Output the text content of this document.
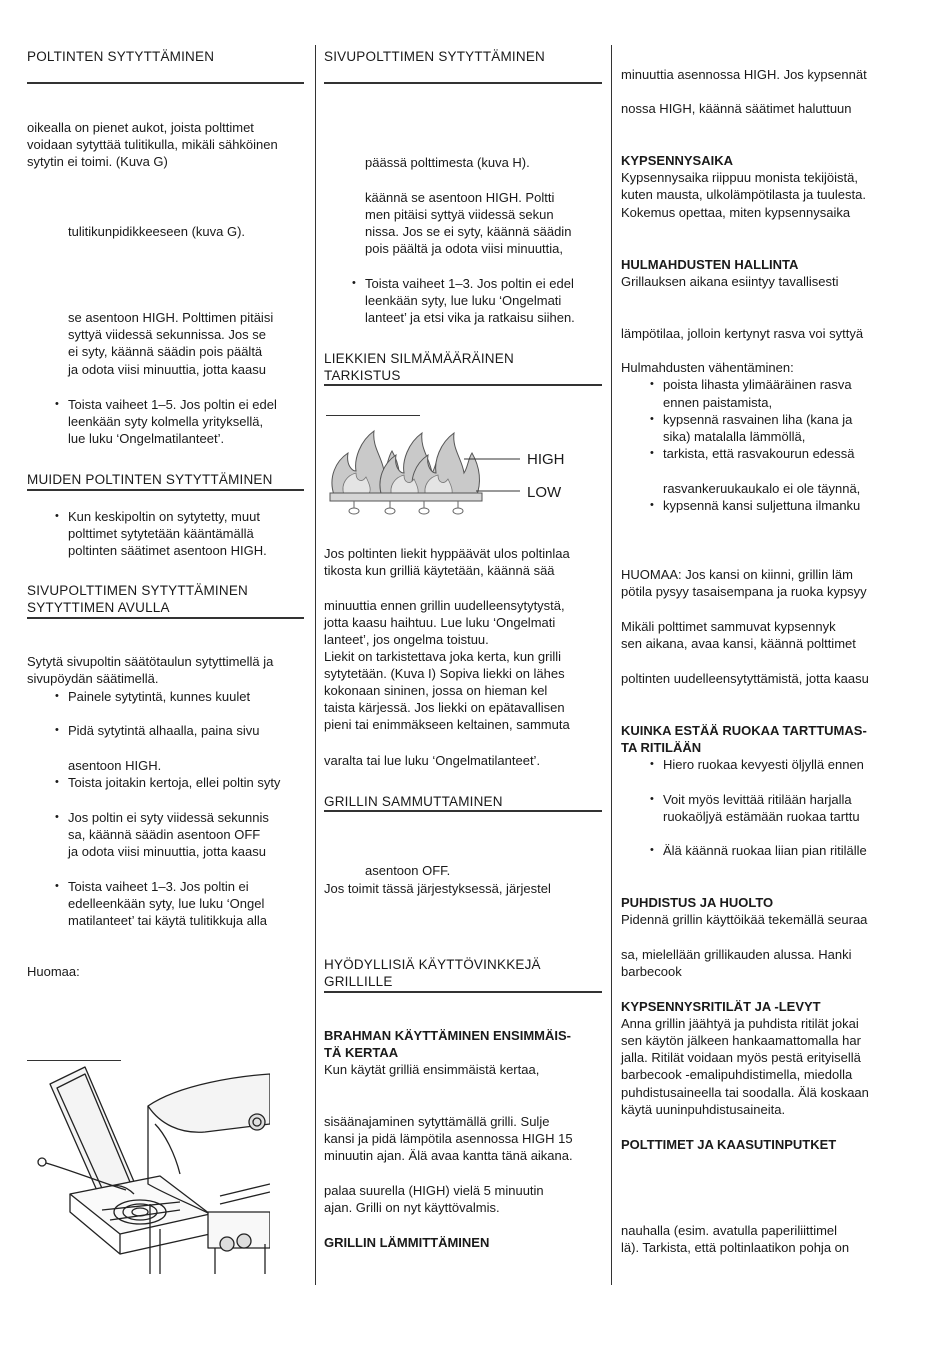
POLTINTEN SYTYTTÄMINEN

oikealla on pienet aukot, joista polttimet

voidaan sytyttää tulitikulla, mikäli sähköinen

sytytin ei toimi. (Kuva G)

tulitikunpidikkeeseen (kuva G).

se asentoon HIGH. Polttimen pitäisi

syttyä viidessä sekunnissa. Jos se

ei syty, käännä säädin pois päältä

ja odota viisi minuuttia, jotta kaasu

• Toista vaiheet 1–5. Jos poltin ei edel

leenkään syty kolmella yrityksellä,

lue luku ‘Ongelmatilanteet’.

MUIDEN POLTINTEN SYTYTTÄMINEN

• Kun keskipoltin on sytytetty, muut

polttimet sytytetään kääntämällä

poltinten säätimet asentoon HIGH.

SIVUPOLTTIMEN SYTYTTÄMINEN

SYTYTTIMEN AVULLA

Sytytä sivupoltin säätötaulun sytyttimellä ja

sivupöydän säätimellä.

• Painele sytytintä, kunnes kuulet

• Pidä sytytintä alhaalla, paina sivu

asentoon HIGH.

• Toista joitakin kertoja, ellei poltin syty

• Jos poltin ei syty viidessä sekunnis

sa, käännä säädin asentoon OFF

ja odota viisi minuuttia, jotta kaasu

• Toista vaiheet 1–3. Jos poltin ei

edelleenkään syty, lue luku ‘Ongel

matilanteet’ tai käytä tulitikkuja alla

Huomaa:

SIVUPOLTTIMEN SYTYTTÄMINEN

päässä polttimesta (kuva H).

käännä se asentoon HIGH. Poltti

men pitäisi syttyä viidessä sekun

nissa. Jos se ei syty, käännä säädin

pois päältä ja odota viisi minuuttia,

• Toista vaiheet 1–3. Jos poltin ei edel

leenkään syty, lue luku ‘Ongelmati

lanteet’ ja etsi vika ja ratkaisu siihen.

LIEKKIEN SILMÄMÄÄRÄINEN

TARKISTUS

HIGH
LOW

Jos poltinten liekit hyppäävät ulos poltinlaa

tikosta kun grilliä käytetään, käännä sää

minuuttia ennen grillin uudelleensytytystä,

jotta kaasu haihtuu. Lue luku ‘Ongelmati

lanteet’, jos ongelma toistuu.

Liekit on tarkistettava joka kerta, kun grilli

sytytetään. (Kuva I) Sopiva liekki on lähes

kokonaan sininen, jossa on hieman kel

taista kärjessä. Jos liekki on epätavallisen

pieni tai enimmäkseen keltainen, sammuta

varalta tai lue luku ‘Ongelmatilanteet’.

GRILLIN SAMMUTTAMINEN

asentoon OFF.

Jos toimit tässä järjestyksessä, järjestel

HYÖDYLLISIÄ KÄYTTÖVINKKEJÄ

GRILLILLE

BRAHMAN KÄYTTÄMINEN ENSIMMÄIS-

TÄ KERTAA

Kun käytät grilliä ensimmäistä kertaa,

sisäänajaminen sytyttämällä grilli. Sulje

kansi ja pidä lämpötila asennossa HIGH 15

minuutin ajan. Älä avaa kantta tänä aikana.

palaa suurella (HIGH) vielä 5 minuutin

ajan. Grilli on nyt käyttövalmis.

GRILLIN LÄMMITTÄMINEN

minuuttia asennossa HIGH. Jos kypsennät

nossa HIGH, käännä säätimet haluttuun

KYPSENNYSAIKA

Kypsennysaika riippuu monista tekijöistä,

kuten mausta, ulkolämpötilasta ja tuulesta.

Kokemus opettaa, miten kypsennysaika

HULMAHDUSTEN HALLINTA

Grillauksen aikana esiintyy tavallisesti

lämpötilaa, jolloin kertynyt rasva voi syttyä

Hulmahdusten vähentäminen:

• poista lihasta ylimääräinen rasva

ennen paistamista,

• kypsennä rasvainen liha (kana ja

sika) matalalla lämmöllä,

• tarkista, että rasvakourun edessä

rasvankeruukaukalo ei ole täynnä,

• kypsennä kansi suljettuna ilmanku

HUOMAA: Jos kansi on kiinni, grillin läm

pötila pysyy tasaisempana ja ruoka kypsyy

Mikäli polttimet sammuvat kypsennyk

sen aikana, avaa kansi, käännä polttimet

poltinten uudelleensytyttämistä, jotta kaasu

KUINKA ESTÄÄ RUOKAA TARTTUMAS-

TA RITILÄÄN

• Hiero ruokaa kevyesti öljyllä ennen

• Voit myös levittää ritilään harjalla

ruokaöljyä estämään ruokaa tarttu

• Älä käännä ruokaa liian pian ritilälle

PUHDISTUS JA HUOLTO

Pidennä grillin käyttöikää tekemällä seuraa

sa, mielellään grillikauden alussa. Hanki

barbecook

KYPSENNYSRITILÄT JA -LEVYT

Anna grillin jäähtyä ja puhdista ritilät jokai

sen käytön jälkeen hankaamattomalla har

jalla. Ritilät voidaan myös pestä erityisellä

barbecook -emalipuhdistimella, miedolla

puhdistusaineella tai soodalla. Älä koskaan

käytä uuninpuhdistusaineita.

POLTTIMET JA KAASUTINPUTKET

nauhalla (esim. avatulla paperiliittimel

lä). Tarkista, että poltinlaatikon pohja on
